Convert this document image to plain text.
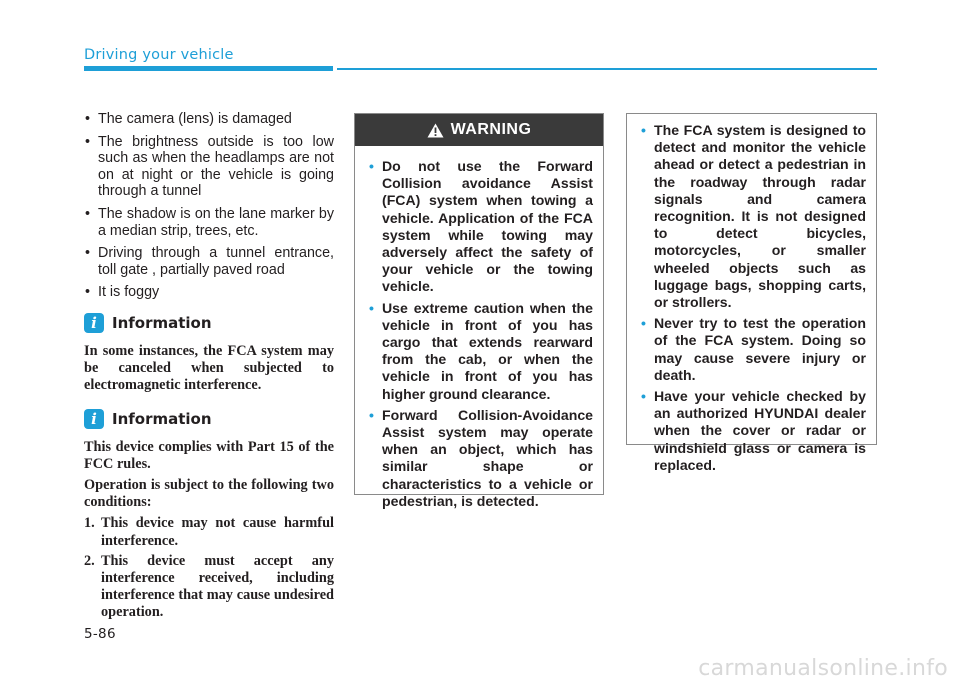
Driving your vehicle
• The camera (lens) is damaged
• The brightness outside is too low such as when the headlamps are not on at night or the vehicle is going through a tunnel
• The shadow is on the lane marker by a median strip, trees, etc.
• Driving through a tunnel entrance, toll gate , partially paved road
• It is foggy
i	Information

In some instances, the FCA system may be canceled when subjected to electromagnetic interference.

i	Information

This device complies with Part 15 of the FCC rules.

Operation is subject to the following two conditions:

1. This device may not cause harmful interference.
2. This device must accept any interference received, including interference that may cause undesired operation.
WARNING
• Do not use the Forward Collision avoidance Assist (FCA) system when towing a vehicle. Application of the FCA system while towing may adversely affect the safety of your vehicle or the towing vehicle.
• Use extreme caution when the vehicle in front of you has cargo that extends rearward from the cab, or when the vehicle in front of you has higher ground clearance.
• Forward Collision-Avoidance Assist system may operate when an object, which has similar shape or characteristics to a vehicle or pedestrian, is detected.
• The FCA system is designed to detect and monitor the vehicle ahead or detect a pedestrian in the roadway through radar signals and camera recognition. It is not designed to detect bicycles, motorcycles, or smaller wheeled objects such as luggage bags, shopping carts, or strollers.
• Never try to test the operation of the FCA system. Doing so may cause severe injury or death.
• Have your vehicle checked by an authorized HYUNDAI dealer when the cover or radar or windshield glass or camera is replaced.
5-86
carmanualsonline.info
